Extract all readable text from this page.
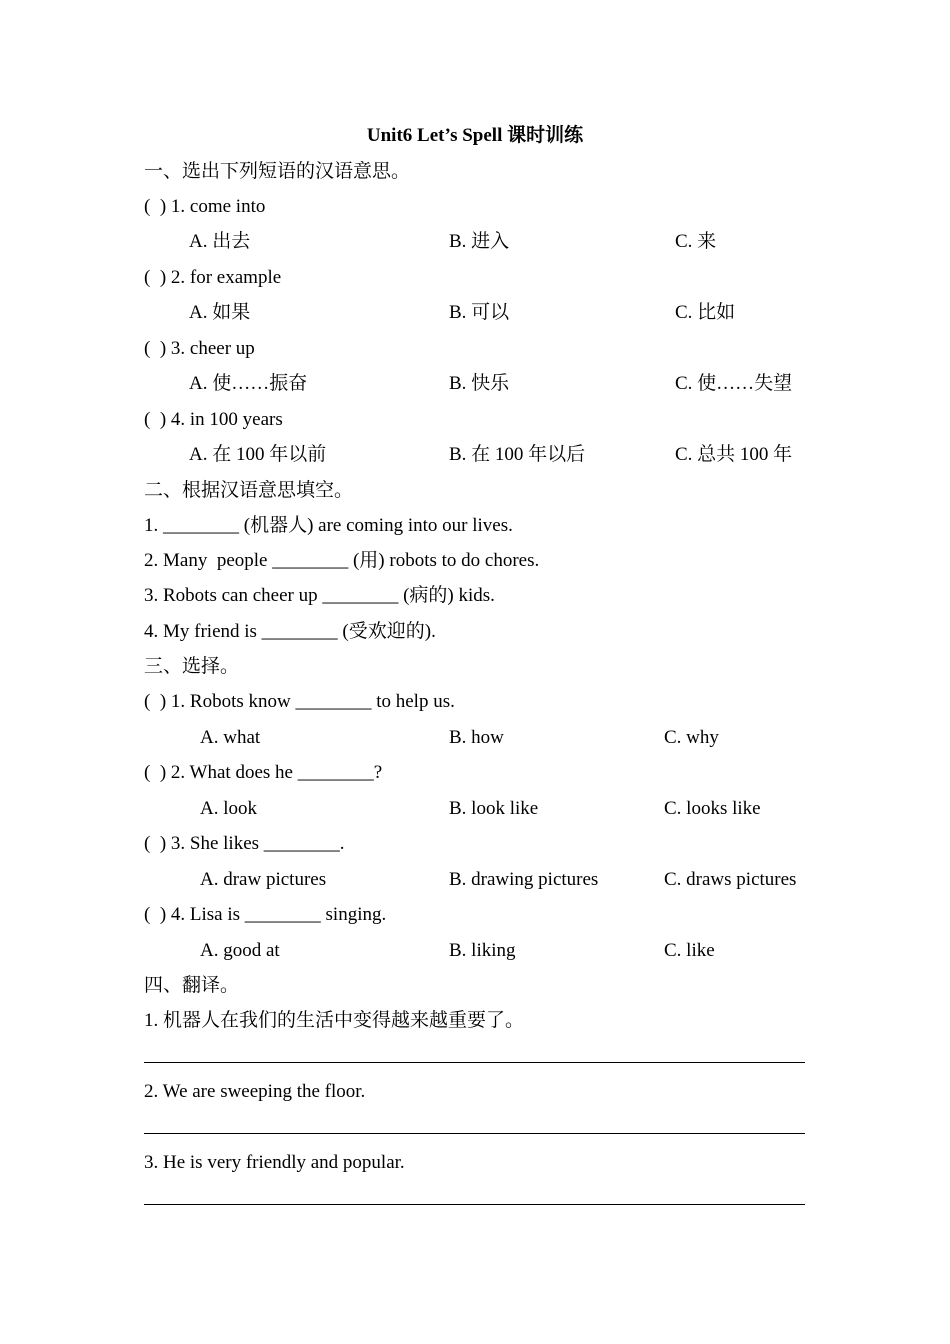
Unit6 Let’s Spell 课时训练
一、选出下列短语的汉语意思。
(  ) 1. come into
A. 出去	B. 进入	C. 来
(  ) 2. for example
A. 如果	B. 可以	C. 比如
(  ) 3. cheer up
A. 使……振奋	B. 快乐	C. 使……失望
(  ) 4. in 100 years
A. 在 100 年以前	B. 在 100 年以后	C. 总共 100 年
二、根据汉语意思填空。
1. ________ (机器人) are coming into our lives.
2. Many  people ________ (用) robots to do chores.
3. Robots can cheer up ________ (病的) kids.
4. My friend is ________ (受欢迎的).
三、选择。
(  ) 1. Robots know ________ to help us.
A. what	B. how	C. why
(  ) 2. What does he ________?
A. look	B. look like	C. looks like
(  ) 3. She likes ________.
A. draw pictures	B. drawing pictures	C. draws pictures
(  ) 4. Lisa is ________ singing.
A. good at	B. liking	C. like
四、翻译。
1. 机器人在我们的生活中变得越来越重要了。
2. We are sweeping the floor.
3. He is very friendly and popular.
